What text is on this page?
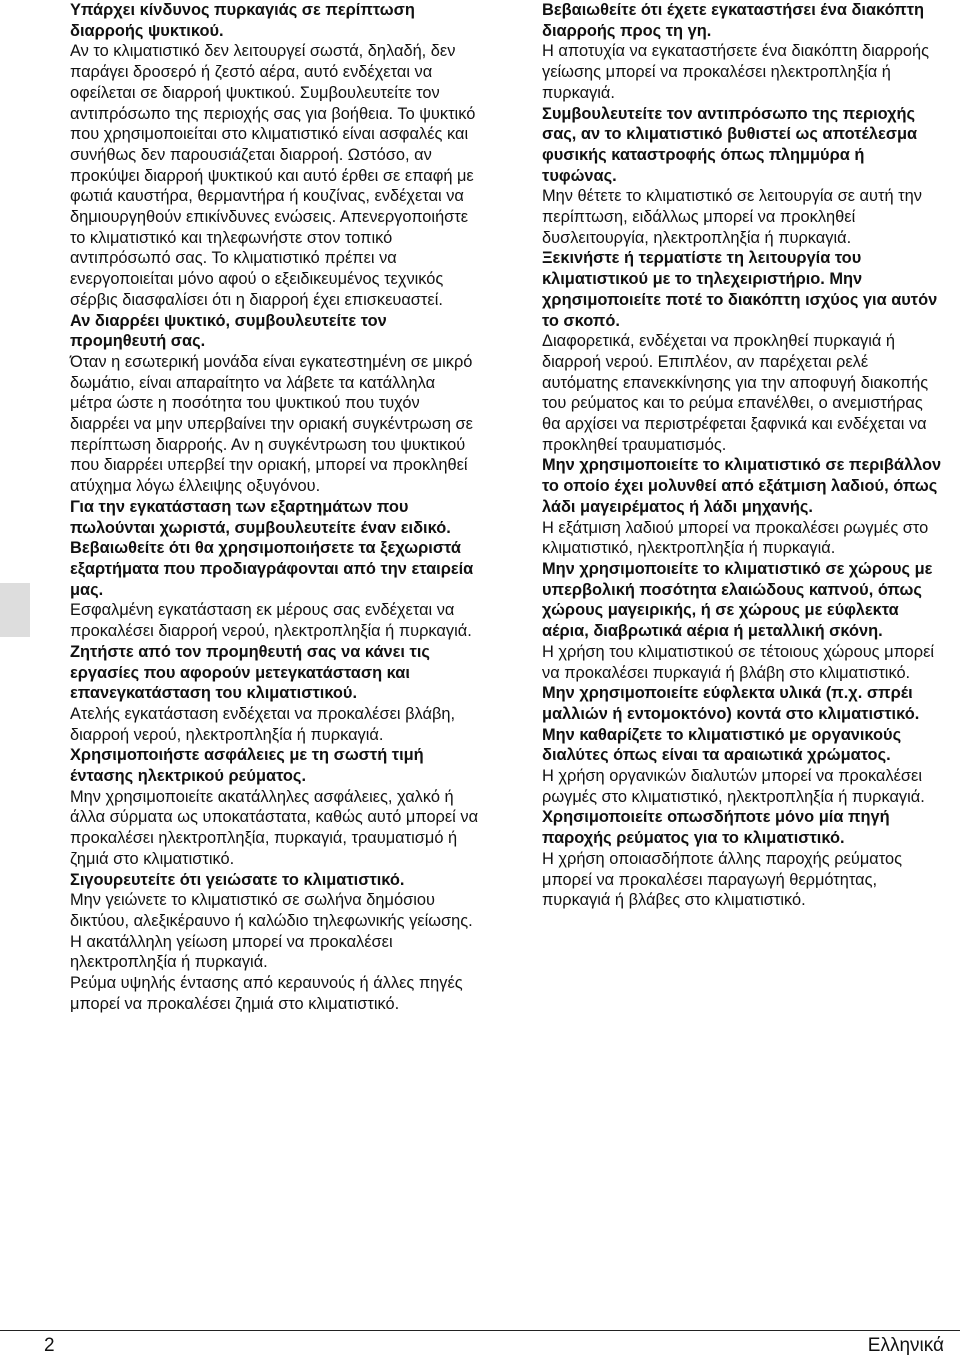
Υπάρχει κίνδυνος πυρκαγιάς σε περίπτωση διαρροής ψυκτικού.

Αν το κλιματιστικό δεν λειτουργεί σωστά, δηλαδή, δεν παράγει δροσερό ή ζεστό αέρα, αυτό ενδέχεται να οφείλεται σε διαρροή ψυκτικού. Συμβουλευτείτε τον αντιπρόσωπο της περιοχής σας για βοήθεια. Το ψυκτικό που χρησιμοποιείται στο κλιματιστικό είναι ασφαλές και συνήθως δεν παρουσιάζεται διαρροή. Ωστόσο, αν προκύψει διαρροή ψυκτικού και αυτό έρθει σε επαφή με φωτιά καυστήρα, θερμαντήρα ή κουζίνας, ενδέχεται να δημιουργηθούν επικίνδυνες ενώσεις. Απενεργοποιήστε το κλιματιστικό και τηλεφωνήστε στον τοπικό αντιπρόσωπό σας. Το κλιματιστικό πρέπει να ενεργοποιείται μόνο αφού ο εξειδικευμένος τεχνικός σέρβις διασφαλίσει ότι η διαρροή έχει επισκευαστεί.

Αν διαρρέει ψυκτικό, συμβουλευτείτε τον προμηθευτή σας.

Όταν η εσωτερική μονάδα είναι εγκατεστημένη σε μικρό δωμάτιο, είναι απαραίτητο να λάβετε τα κατάλληλα μέτρα ώστε η ποσότητα του ψυκτικού που τυχόν διαρρέει να μην υπερβαίνει την οριακή συγκέντρωση σε περίπτωση διαρροής. Αν η συγκέντρωση του ψυκτικού που διαρρέει υπερβεί την οριακή, μπορεί να προκληθεί ατύχημα λόγω έλλειψης οξυγόνου.

Για την εγκατάσταση των εξαρτημάτων που πωλούνται χωριστά, συμβουλευτείτε έναν ειδικό. Βεβαιωθείτε ότι θα χρησιμοποιήσετε τα ξεχωριστά εξαρτήματα που προδιαγράφονται από την εταιρεία μας.

Εσφαλμένη εγκατάσταση εκ μέρους σας ενδέχεται να προκαλέσει διαρροή νερού, ηλεκτροπληξία ή πυρκαγιά.

Ζητήστε από τον προμηθευτή σας να κάνει τις εργασίες που αφορούν μετεγκατάσταση και επανεγκατάσταση του κλιματιστικού.

Ατελής εγκατάσταση ενδέχεται να προκαλέσει βλάβη, διαρροή νερού, ηλεκτροπληξία ή πυρκαγιά.

Χρησιμοποιήστε ασφάλειες με τη σωστή τιμή έντασης ηλεκτρικού ρεύματος.

Μην χρησιμοποιείτε ακατάλληλες ασφάλειες, χαλκό ή άλλα σύρματα ως υποκατάστατα, καθώς αυτό μπορεί να προκαλέσει ηλεκτροπληξία, πυρκαγιά, τραυματισμό ή ζημιά στο κλιματιστικό.

Σιγουρευτείτε ότι γειώσατε το κλιματιστικό.

Μην γειώνετε το κλιματιστικό σε σωλήνα δημόσιου δικτύου, αλεξικέραυνο ή καλώδιο τηλεφωνικής γείωσης.

Η ακατάλληλη γείωση μπορεί να προκαλέσει ηλεκτροπληξία ή πυρκαγιά.

Ρεύμα υψηλής έντασης από κεραυνούς ή άλλες πηγές μπορεί να προκαλέσει ζημιά στο κλιματιστικό.

Βεβαιωθείτε ότι έχετε εγκαταστήσει ένα διακόπτη διαρροής προς τη γη.

Η αποτυχία να εγκαταστήσετε ένα διακόπτη διαρροής γείωσης μπορεί να προκαλέσει ηλεκτροπληξία ή πυρκαγιά.

Συμβουλευτείτε τον αντιπρόσωπο της περιοχής σας, αν το κλιματιστικό βυθιστεί ως αποτέλεσμα φυσικής καταστροφής όπως πλημμύρα ή τυφώνας.

Μην θέτετε το κλιματιστικό σε λειτουργία σε αυτή την περίπτωση, ειδάλλως μπορεί να προκληθεί δυσλειτουργία, ηλεκτροπληξία ή πυρκαγιά.

Ξεκινήστε ή τερματίστε τη λειτουργία του κλιματιστικού με το τηλεχειριστήριο. Μην χρησιμοποιείτε ποτέ το διακόπτη ισχύος για αυτόν το σκοπό.

Διαφορετικά, ενδέχεται να προκληθεί πυρκαγιά ή διαρροή νερού. Επιπλέον, αν παρέχεται ρελέ αυτόματης επανεκκίνησης για την αποφυγή διακοπής του ρεύματος και το ρεύμα επανέλθει, ο ανεμιστήρας θα αρχίσει να περιστρέφεται ξαφνικά και ενδέχεται να προκληθεί τραυματισμός.

Μην χρησιμοποιείτε το κλιματιστικό σε περιβάλλον το οποίο έχει μολυνθεί από εξάτμιση λαδιού, όπως λάδι μαγειρέματος ή λάδι μηχανής.

Η εξάτμιση λαδιού μπορεί να προκαλέσει ρωγμές στο κλιματιστικό, ηλεκτροπληξία ή πυρκαγιά.

Μην χρησιμοποιείτε το κλιματιστικό σε χώρους με υπερβολική ποσότητα ελαιώδους καπνού, όπως χώρους μαγειρικής, ή σε χώρους με εύφλεκτα αέρια, διαβρωτικά αέρια ή μεταλλική σκόνη.

Η χρήση του κλιματιστικού σε τέτοιους χώρους μπορεί να προκαλέσει πυρκαγιά ή βλάβη στο κλιματιστικό.

Μην χρησιμοποιείτε εύφλεκτα υλικά (π.χ. σπρέι μαλλιών ή εντομοκτόνο) κοντά στο κλιματιστικό.

Μην καθαρίζετε το κλιματιστικό με οργανικούς διαλύτες όπως είναι τα αραιωτικά χρώματος.

Η χρήση οργανικών διαλυτών μπορεί να προκαλέσει ρωγμές στο κλιματιστικό, ηλεκτροπληξία ή πυρκαγιά.

Χρησιμοποιείτε οπωσδήποτε μόνο μία πηγή παροχής ρεύματος για το κλιματιστικό.

Η χρήση οποιασδήποτε άλλης παροχής ρεύματος μπορεί να προκαλέσει παραγωγή θερμότητας, πυρκαγιά ή βλάβες στο κλιματιστικό.

2	Ελληνικά
